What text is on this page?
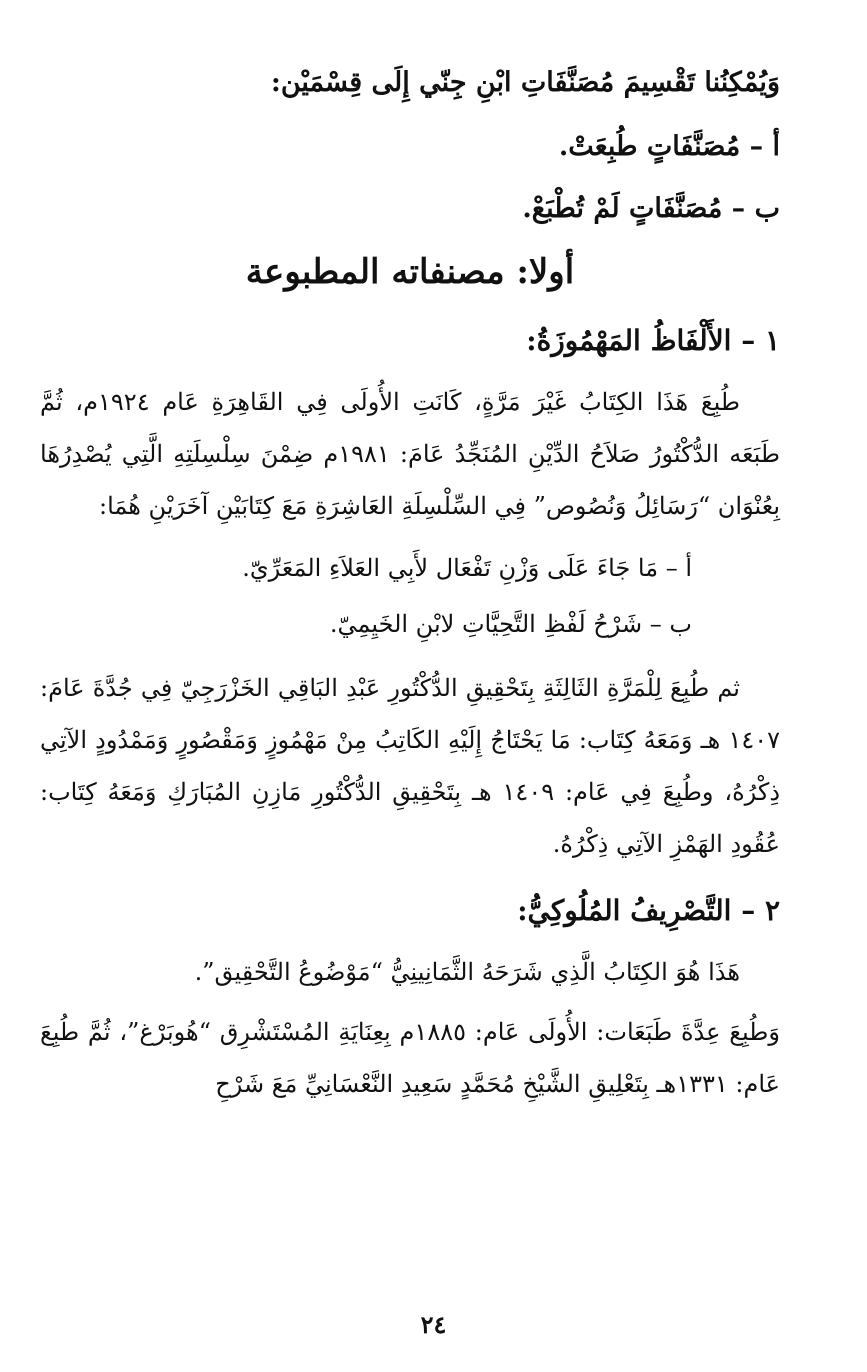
وَيُمْكِنُنا تَقْسِيمَ مُصَنَّفَاتِ ابْنِ جِنّي إِلَى قِسْمَيْن:

أ – مُصَنَّفَاتٍ طُبِعَتْ.
ب – مُصَنَّفَاتٍ لَمْ تُطْبَعْ.
أولا: مصنفاته المطبوعة
١ – الأَلْفَاظُ المَهْمُوزَةُ:

طُبِعَ هَذَا الكِتَابُ غَيْرَ مَرَّةٍ، كَانَتِ الأُولَى فِي القَاهِرَةِ عَام ١٩٢٤م، ثُمَّ طَبَعَه الدُّكْتُورُ صَلاَحُ الدِّيْنِ المُنَجِّدُ عَامَ: ١٩٨١م ضِمْنَ سِلْسِلَتِهِ الَّتِي يُصْدِرُهَا بِعُنْوَان “رَسَائِلُ وَنُصُوص” فِي السِّلْسِلَةِ العَاشِرَةِ مَعَ كِتَابَيْنِ آخَرَيْنِ هُمَا:

أ – مَا جَاءَ عَلَى وَزْنِ تَفْعَال لأَبِي العَلاَءِ المَعَرِّيّ.
ب – شَرْحُ لَفْظِ التَّحِيَّاتِ لابْنِ الخَيِمِيّ.

ثم طُبِعَ لِلْمَرَّةِ الثَالِثَةِ بِتَحْقِيقِ الدُّكْتُورِ عَبْدِ البَاقِي الخَزْرَجِيّ فِي جُدَّةَ عَامَ: ١٤٠٧ هـ وَمَعَهُ كِتَاب: مَا يَحْتَاجُ إِلَيْهِ الكَاتِبُ مِنْ مَهْمُوزٍ وَمَقْصُورٍ وَمَمْدُودٍ الآتِي ذِكْرُهُ، وطُبِعَ فِي عَام: ١٤٠٩ هـ بِتَحْقِيقِ الدُّكْتُورِ مَازِنِ المُبَارَكِ وَمَعَهُ كِتَاب: عُقُودِ الهَمْزِ الآتِي ذِكْرُهُ.

٢ – التَّصْرِيفُ المُلُوكِيُّ:

هَذَا هُوَ الكِتَابُ الَّذِي شَرَحَهُ الثَّمَانِينِيُّ “مَوْضُوعُ التَّحْقِيق”.

وَطُبِعَ عِدَّةَ طَبَعَات: الأُولَى عَام: ١٨٨٥م بِعِنَايَةِ المُسْتَشْرِق “هُوبَرْغ”، ثُمَّ طُبِعَ عَام: ١٣٣١هـ بِتَعْلِيقِ الشَّيْخِ مُحَمَّدٍ سَعِيدِ النَّعْسَانِيِّ مَعَ شَرْحِ

٢٤
